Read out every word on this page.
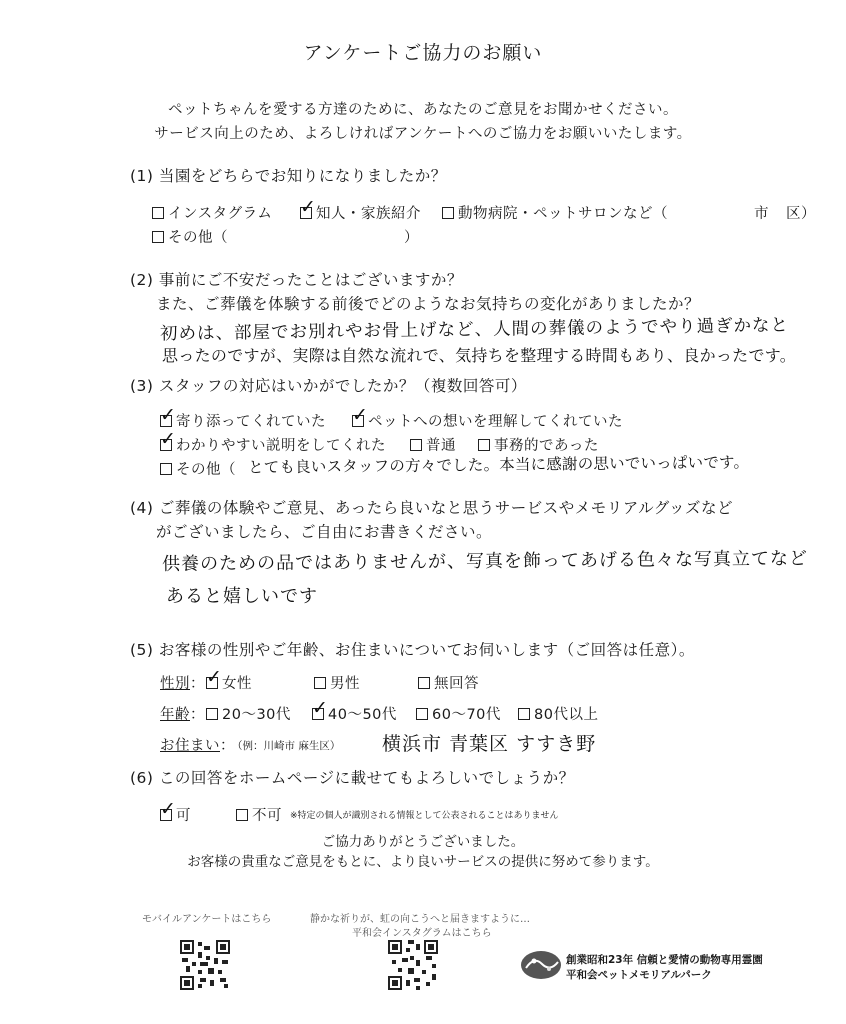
アンケートご協力のお願い
ペットちゃんを愛する方達のために、あなたのご意見をお聞かせください。
サービス向上のため、よろしければアンケートへのご協力をお願いいたします。
(1) 当園をどちらでお知りになりましたか？
インスタグラム ✓	知人・家族紹介	動物病院・ペットサロンなど（	市 区）
その他（	）
(2) 事前にご不安だったことはございますか？
また、ご葬儀を体験する前後でどのようなお気持ちの変化がありましたか？
初めは、部屋でお別れやお骨上げなど、人間の葬儀のようでやり過ぎかなと
思ったのですが、実際は自然な流れで、気持ちを整理する時間もあり、良かったです。
(3) スタッフの対応はいかがでしたか？（複数回答可）
✓
寄り添ってくれていた ✓	ペットへの想いを理解してくれていた
✓
わかりやすい説明をしてくれた	普通	事務的であった
その他（ とても良いスタッフの方々でした。本当に感謝の思いでいっぱいです。
(4) ご葬儀の体験やご意見、あったら良いなと思うサービスやメモリアルグッズなど
がございましたら、ご自由にお書きください。
供養のための品ではありませんが、写真を飾ってあげる色々な写真立てなど
あると嬉しいです
(5) お客様の性別やご年齢、お住まいについてお伺いします（ご回答は任意）。
性別 ： ✓ 女性	男性	無回答
年齢 ： 20～30代 ✓	40～50代 60～70代 80代以上
お住まい ：
（例：川崎市 麻生区） 横浜市 青葉区 すすき野
(6) この回答をホームページに載せてもよろしいでしょうか？
✓
可	不可 ※特定の個人が識別される情報として公表されることはありません
ご協力ありがとうございました。
お客様の貴重なご意見をもとに、より良いサービスの提供に努めて参ります。
モバイルアンケートはこちら	静かな祈りが、虹の向こうへと届きますように…
平和会インスタグラムはこちら
創業昭和23年 信頼と愛情の動物専用霊園
平和会ペットメモリアルパーク
